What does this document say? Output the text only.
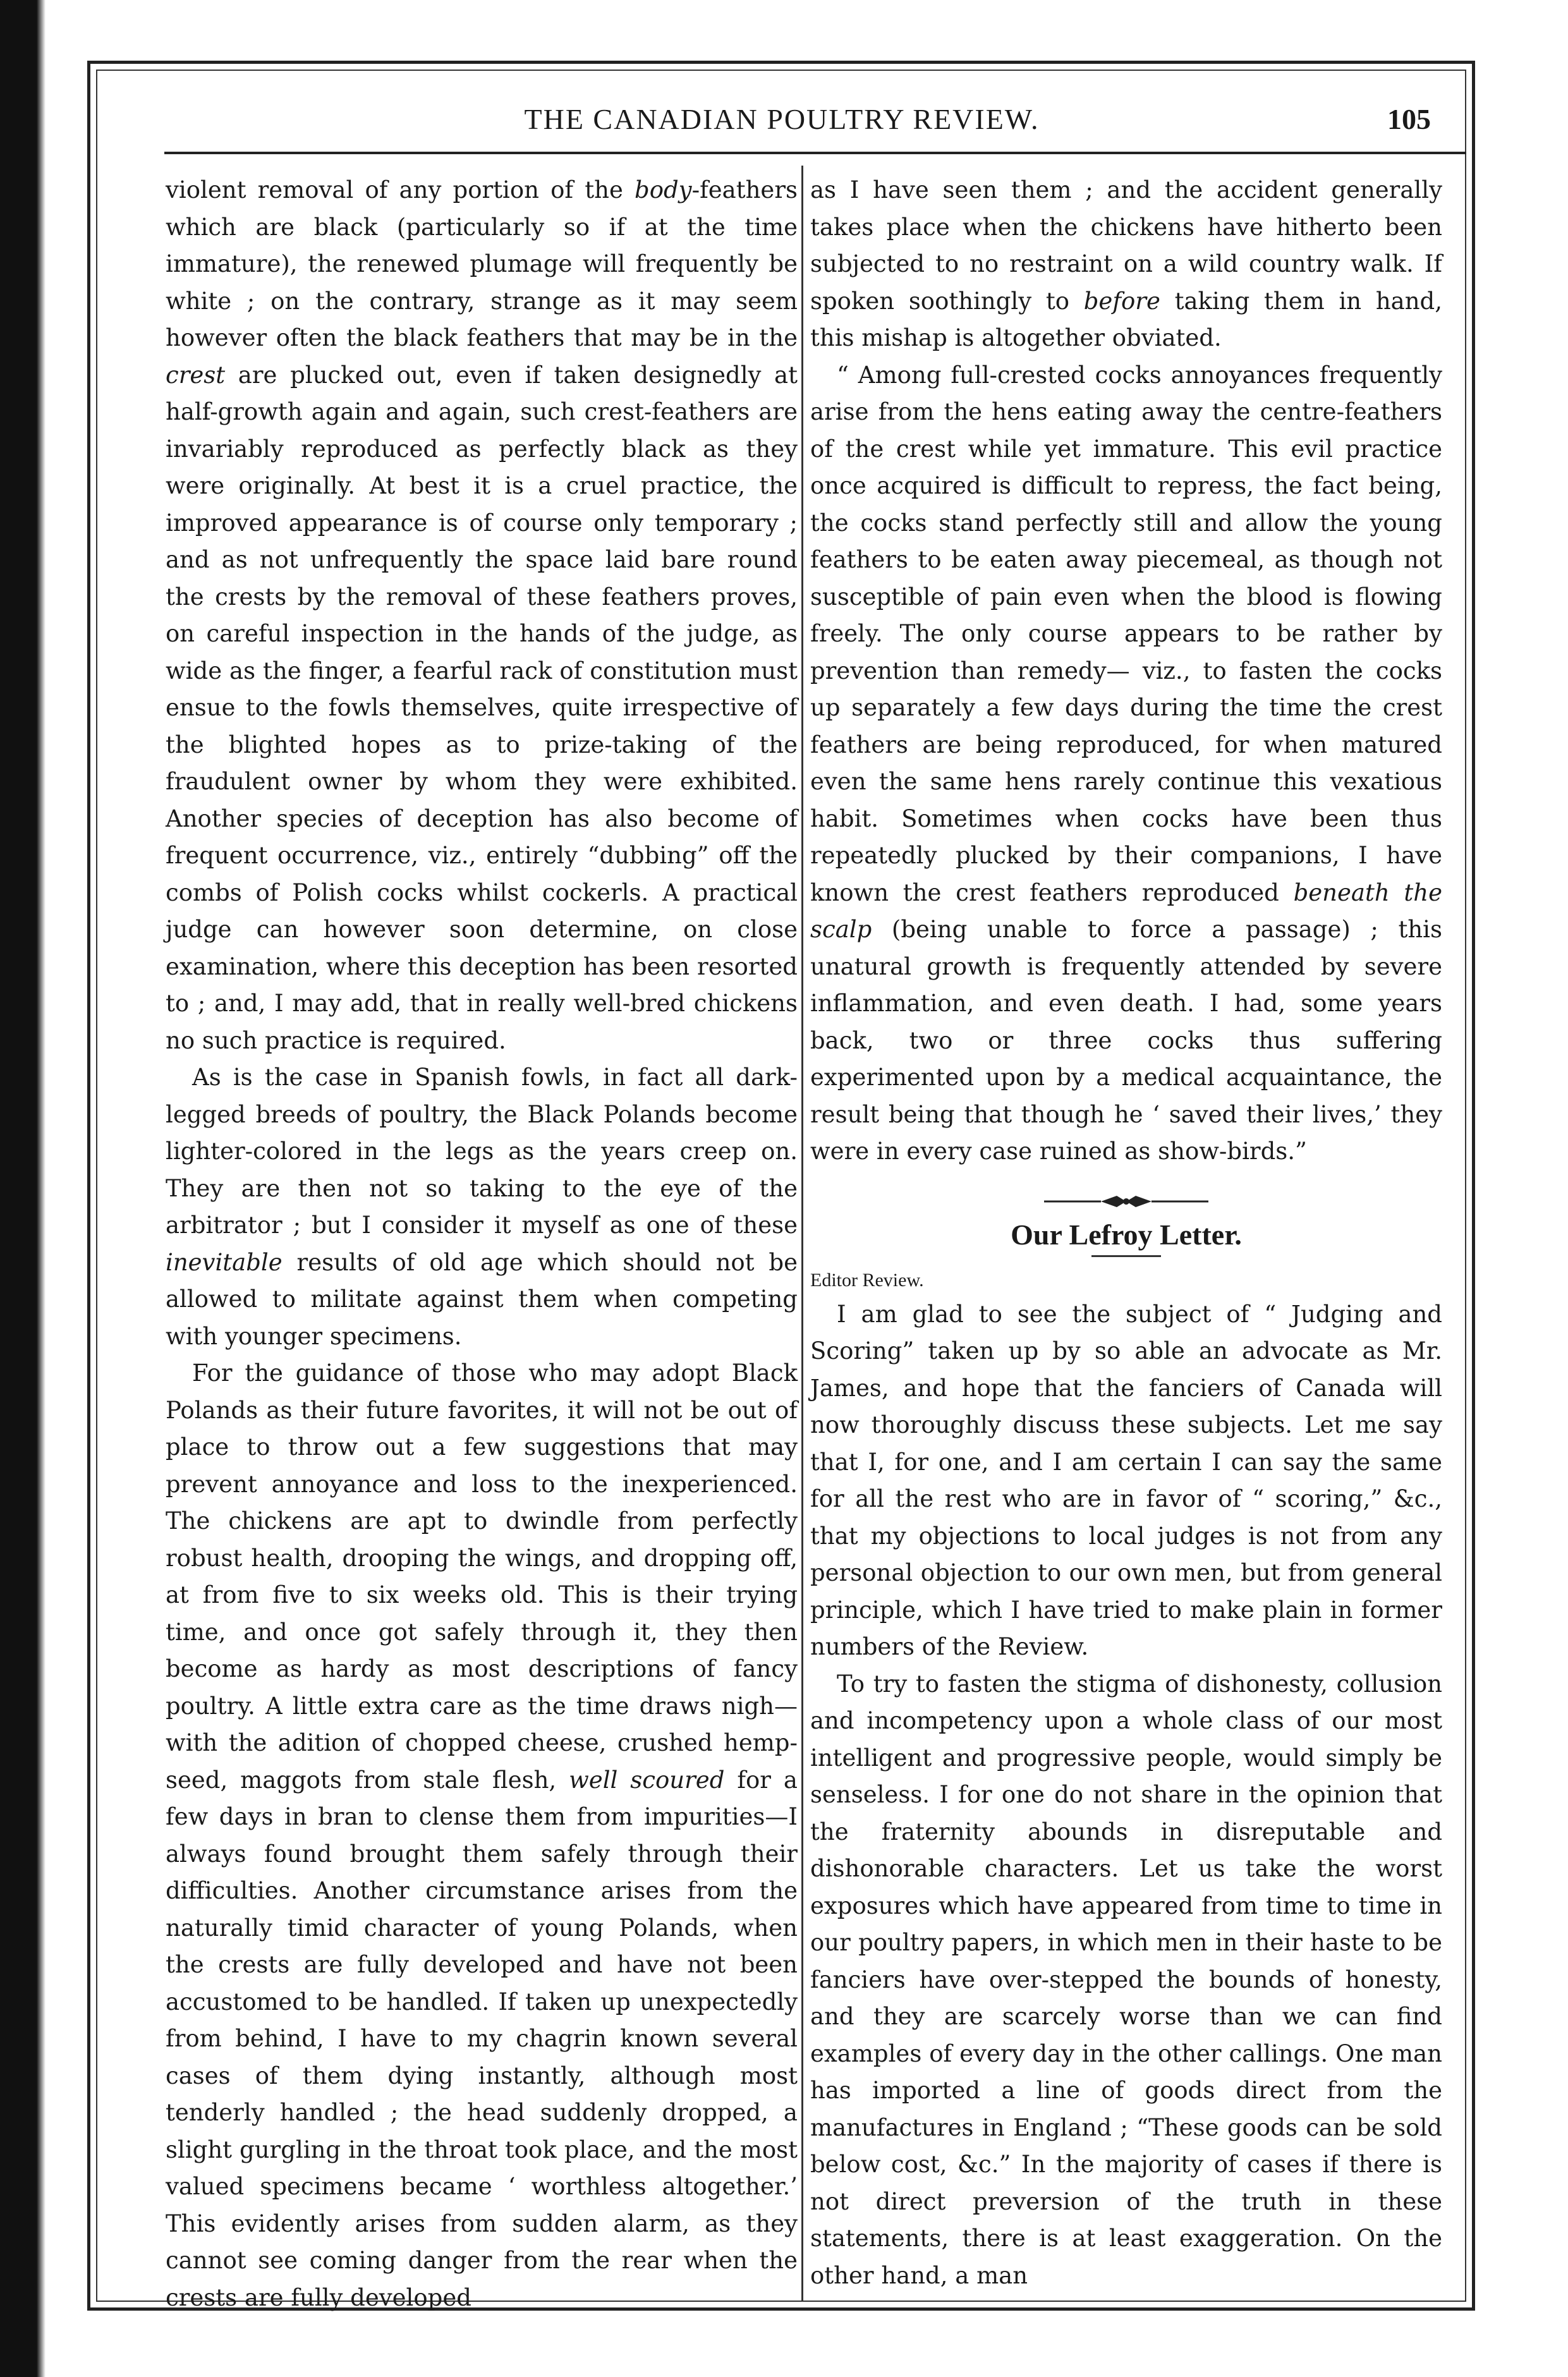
THE CANADIAN POULTRY REVIEW.	105

violent removal of any portion of the body-feathers which are black (particularly so if at the time immature), the renewed plumage will frequently be white ; on the contrary, strange as it may seem however often the black feathers that may be in the crest are plucked out, even if taken designedly at half-growth again and again, such crest-feathers are invariably reproduced as perfectly black as they were originally. At best it is a cruel practice, the improved appearance is of course only temporary ; and as not unfrequently the space laid bare round the crests by the removal of these feathers proves, on careful inspection in the hands of the judge, as wide as the finger, a fearful rack of constitution must ensue to the fowls themselves, quite irrespective of the blighted hopes as to prize-taking of the fraudulent owner by whom they were exhibited. Another species of deception has also become of frequent occurrence, viz., entirely “dubbing” off the combs of Polish cocks whilst cockerls. A practical judge can however soon determine, on close examination, where this deception has been resorted to ; and, I may add, that in really well-bred chickens no such practice is required.

As is the case in Spanish fowls, in fact all dark-legged breeds of poultry, the Black Polands become lighter-colored in the legs as the years creep on. They are then not so taking to the eye of the arbitrator ; but I consider it myself as one of these inevitable results of old age which should not be allowed to militate against them when competing with younger specimens.

For the guidance of those who may adopt Black Polands as their future favorites, it will not be out of place to throw out a few suggestions that may prevent annoyance and loss to the inexperienced. The chickens are apt to dwindle from perfectly robust health, drooping the wings, and dropping off, at from five to six weeks old. This is their trying time, and once got safely through it, they then become as hardy as most descriptions of fancy poultry. A little extra care as the time draws nigh—with the adition of chopped cheese, crushed hemp-seed, maggots from stale flesh, well scoured for a few days in bran to clense them from impurities—I always found brought them safely through their difficulties. Another circumstance arises from the naturally timid character of young Polands, when the crests are fully developed and have not been accustomed to be handled. If taken up unexpectedly from behind, I have to my chagrin known several cases of them dying instantly, although most tenderly handled ; the head suddenly dropped, a slight gurgling in the throat took place, and the most valued specimens became ‘ worthless altogether.’ This evidently arises from sudden alarm, as they cannot see coming danger from the rear when the crests are fully developed

as I have seen them ; and the accident generally takes place when the chickens have hitherto been subjected to no restraint on a wild country walk. If spoken soothingly to before taking them in hand, this mishap is altogether obviated.

“ Among full-crested cocks annoyances frequently arise from the hens eating away the centre-feathers of the crest while yet immature. This evil practice once acquired is difficult to repress, the fact being, the cocks stand perfectly still and allow the young feathers to be eaten away piecemeal, as though not susceptible of pain even when the blood is flowing freely. The only course appears to be rather by prevention than remedy— viz., to fasten the cocks up separately a few days during the time the crest feathers are being reproduced, for when matured even the same hens rarely continue this vexatious habit. Sometimes when cocks have been thus repeatedly plucked by their companions, I have known the crest feathers reproduced beneath the scalp (being unable to force a passage) ; this unatural growth is frequently attended by severe inflammation, and even death. I had, some years back, two or three cocks thus suffering experimented upon by a medical acquaintance, the result being that though he ‘ saved their lives,’ they were in every case ruined as show-birds.”

Our Lefroy Letter.

Editor Review.

I am glad to see the subject of “ Judging and Scoring” taken up by so able an advocate as Mr. James, and hope that the fanciers of Canada will now thoroughly discuss these subjects. Let me say that I, for one, and I am certain I can say the same for all the rest who are in favor of “ scoring,” &c., that my objections to local judges is not from any personal objection to our own men, but from general principle, which I have tried to make plain in former numbers of the Review.

To try to fasten the stigma of dishonesty, collusion and incompetency upon a whole class of our most intelligent and progressive people, would simply be senseless. I for one do not share in the opinion that the fraternity abounds in disreputable and dishonorable characters. Let us take the worst exposures which have appeared from time to time in our poultry papers, in which men in their haste to be fanciers have over-stepped the bounds of honesty, and they are scarcely worse than we can find examples of every day in the other callings. One man has imported a line of goods direct from the manufactures in England ; “These goods can be sold below cost, &c.” In the majority of cases if there is not direct preversion of the truth in these statements, there is at least exaggeration. On the other hand, a man
